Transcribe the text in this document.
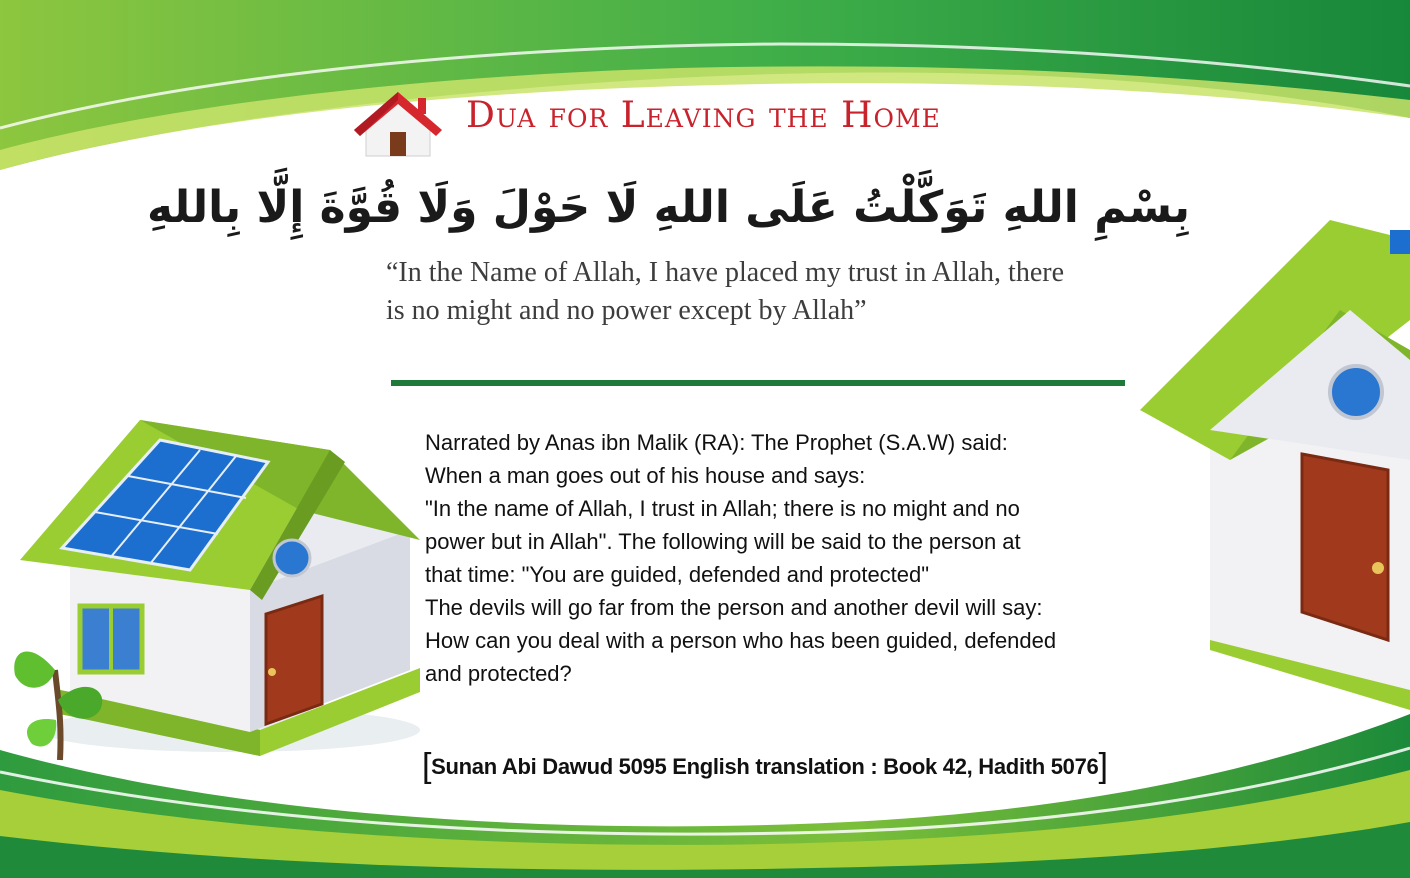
Dua for Leaving the Home
بِسْمِ اللهِ تَوَكَّلْتُ عَلَى اللهِ لَا حَوْلَ وَلَا قُوَّةَ إِلَّا بِاللهِ
“In the Name of Allah, I have placed my trust in Allah, there
is no might and no power except by Allah”
Narrated by Anas ibn Malik (RA): The Prophet (S.A.W) said:
When a man goes out of his house and says:
"In the name of Allah, I trust in Allah; there is no might and no
power but in Allah". The following will be said to the person at
that time: "You are guided, defended and protected"
The devils will go far from the person and another devil will say:
How can you deal with a person who has been guided, defended
and protected?
[Sunan Abi Dawud 5095 English translation : Book 42, Hadith 5076]
